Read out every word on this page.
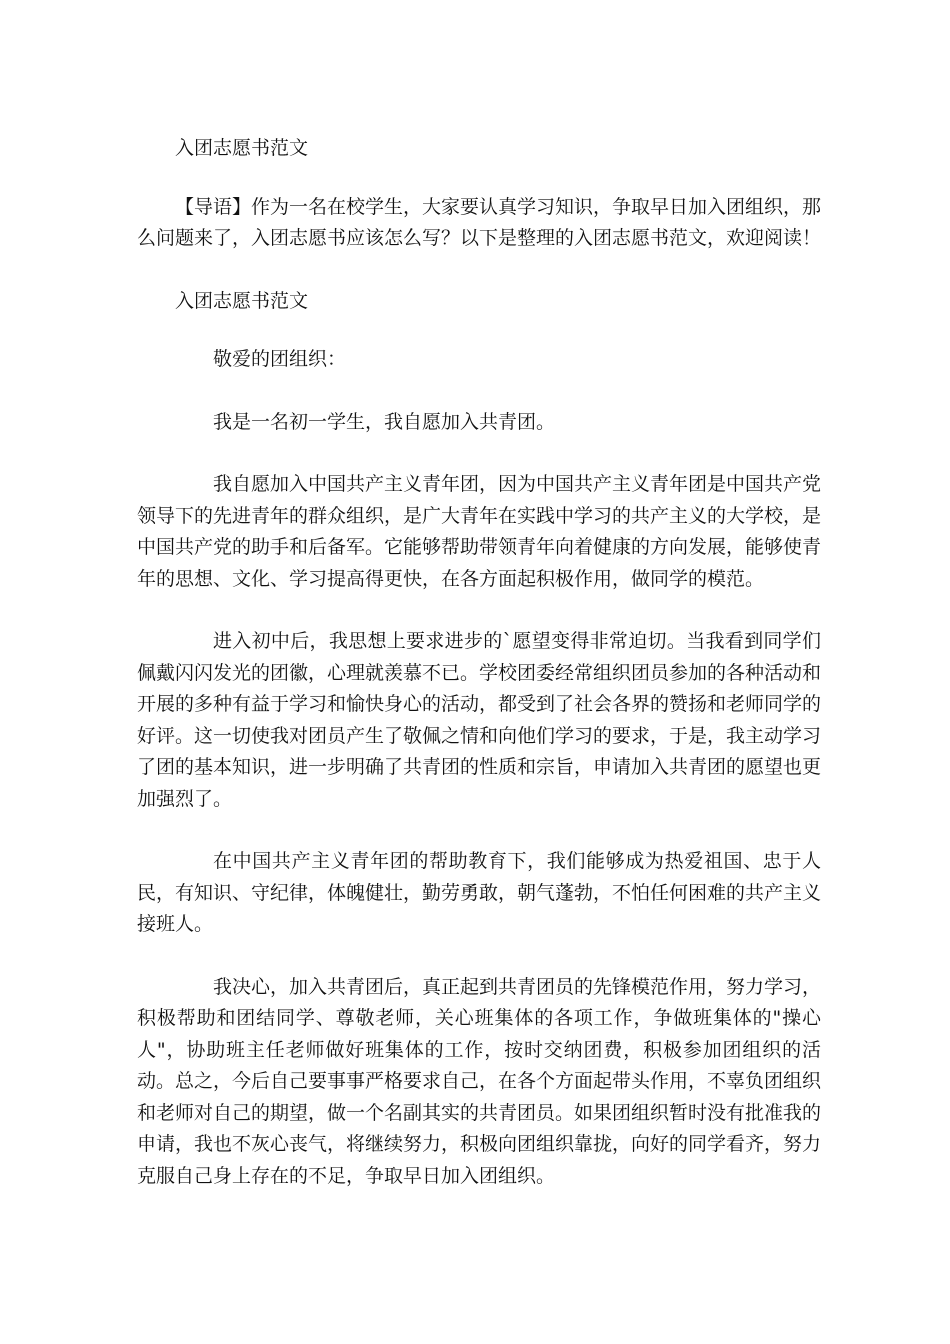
入团志愿书范文

【导语】作为一名在校学生，大家要认真学习知识，争取早日加入团组织，那么问题来了，入团志愿书应该怎么写？以下是整理的入团志愿书范文，欢迎阅读！

入团志愿书范文

敬爱的团组织：

我是一名初一学生，我自愿加入共青团。

我自愿加入中国共产主义青年团，因为中国共产主义青年团是中国共产党领导下的先进青年的群众组织，是广大青年在实践中学习的共产主义的大学校，是中国共产党的助手和后备军。它能够帮助带领青年向着健康的方向发展，能够使青年的思想、文化、学习提高得更快，在各方面起积极作用，做同学的模范。

进入初中后，我思想上要求进步的`愿望变得非常迫切。当我看到同学们佩戴闪闪发光的团徽，心理就羡慕不已。学校团委经常组织团员参加的各种活动和开展的多种有益于学习和愉快身心的活动，都受到了社会各界的赞扬和老师同学的好评。这一切使我对团员产生了敬佩之情和向他们学习的要求，于是，我主动学习了团的基本知识，进一步明确了共青团的性质和宗旨，申请加入共青团的愿望也更加强烈了。

在中国共产主义青年团的帮助教育下，我们能够成为热爱祖国、忠于人民，有知识、守纪律，体魄健壮，勤劳勇敢，朝气蓬勃，不怕任何困难的共产主义接班人。

我决心，加入共青团后，真正起到共青团员的先锋模范作用，努力学习，积极帮助和团结同学、尊敬老师，关心班集体的各项工作，争做班集体的"操心人"，协助班主任老师做好班集体的工作，按时交纳团费，积极参加团组织的活动。总之，今后自己要事事严格要求自己，在各个方面起带头作用，不辜负团组织和老师对自己的期望，做一个名副其实的共青团员。如果团组织暂时没有批准我的申请，我也不灰心丧气，将继续努力，积极向团组织靠拢，向好的同学看齐，努力克服自己身上存在的不足，争取早日加入团组织。
